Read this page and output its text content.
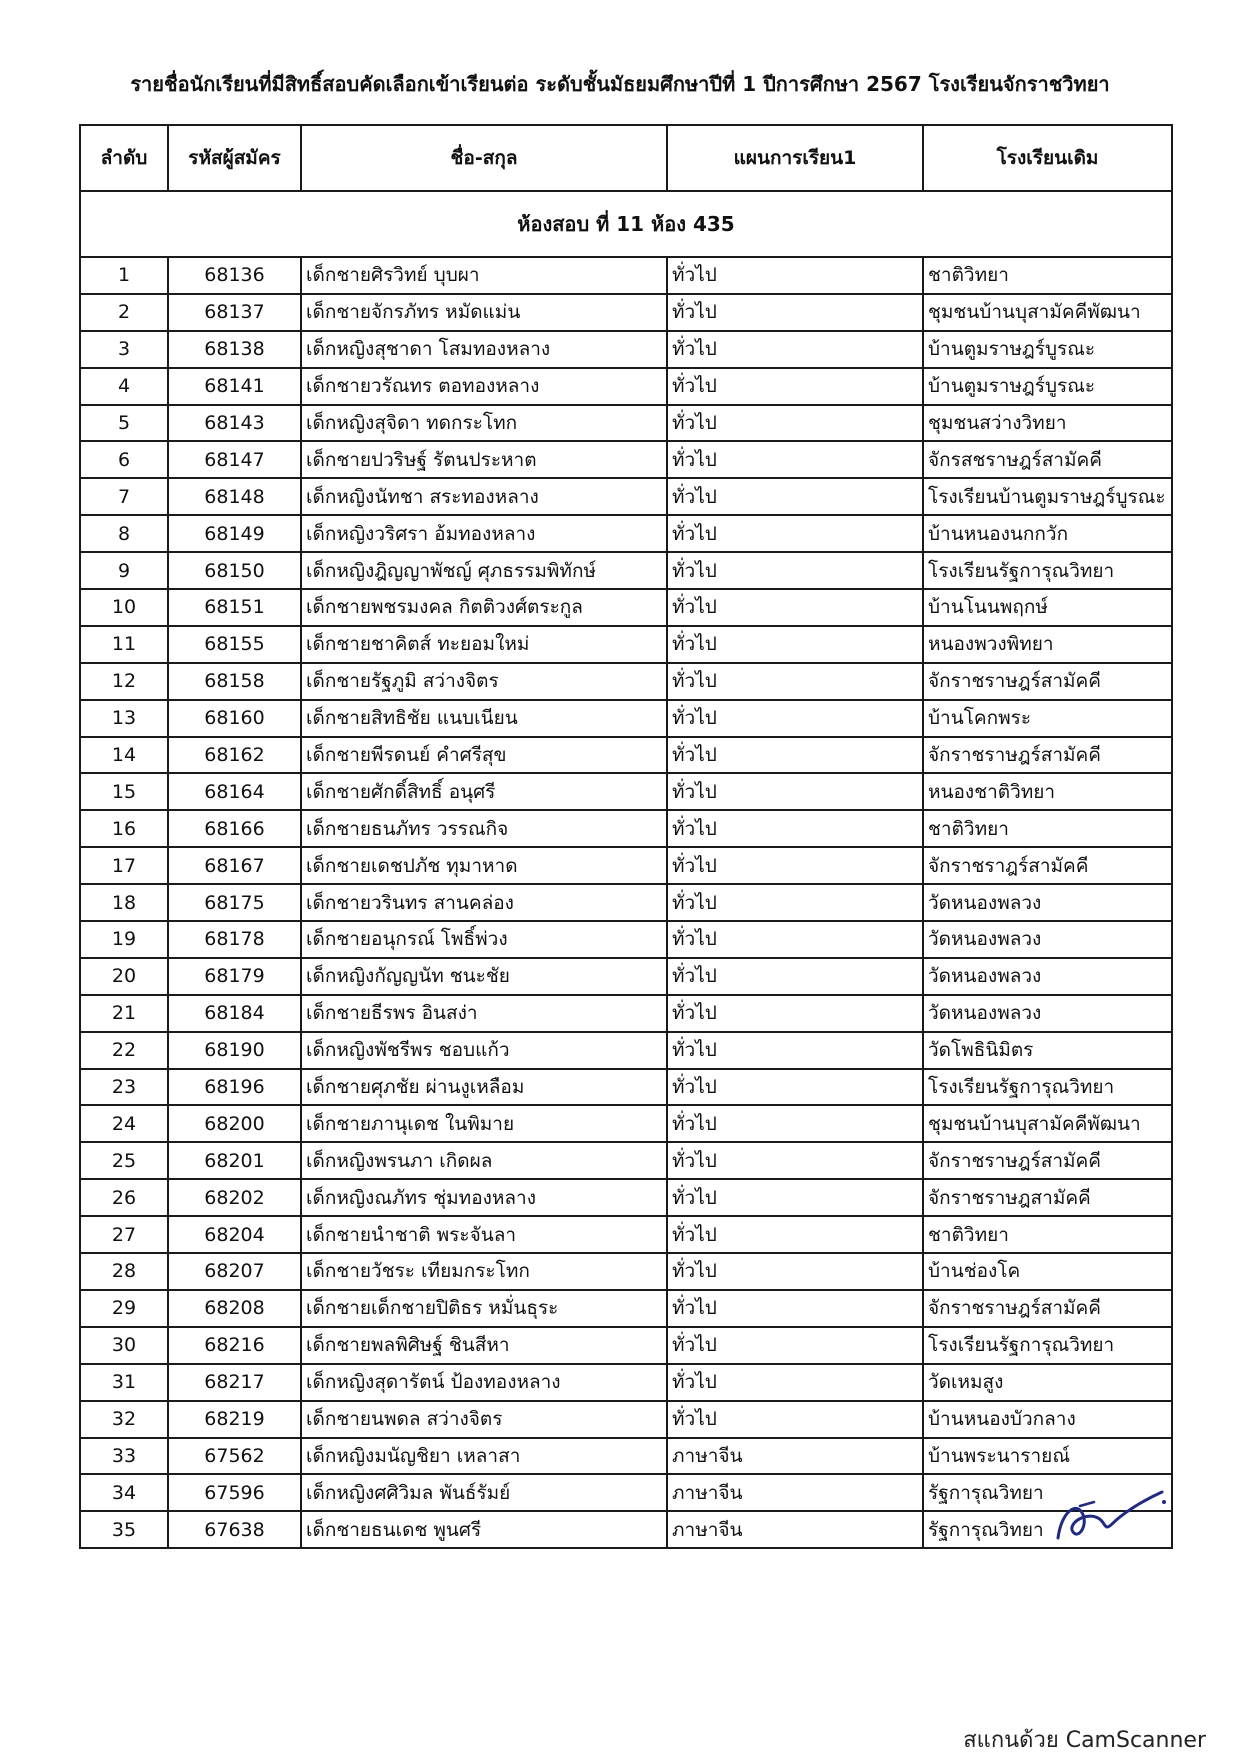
รายชื่อนักเรียนที่มีสิทธิ์สอบคัดเลือกเข้าเรียนต่อ ระดับชั้นมัธยมศึกษาปีที่ 1 ปีการศึกษา 2567 โรงเรียนจักราชวิทยา
ลำดับ	รหัสผู้สมัคร	ชื่อ-สกุล	แผนการเรียน1	โรงเรียนเดิม
ห้องสอบ ที่ 11 ห้อง 435				
1	68136	เด็กชายศิรวิทย์ บุบผา	ทั่วไป	ชาติวิทยา
2	68137	เด็กชายจักรภัทร หมัดแม่น	ทั่วไป	ชุมชนบ้านบุสามัคคีพัฒนา
3	68138	เด็กหญิงสุชาดา โสมทองหลาง	ทั่วไป	บ้านตูมราษฎร์บูรณะ
4	68141	เด็กชายวรัณทร ตอทองหลาง	ทั่วไป	บ้านตูมราษฎร์บูรณะ
5	68143	เด็กหญิงสุจิดา ทดกระโทก	ทั่วไป	ชุมชนสว่างวิทยา
6	68147	เด็กชายปวริษฐ์ รัตนประหาต	ทั่วไป	จักรสชราษฎร์สามัคคี
7	68148	เด็กหญิงนัทชา สระทองหลาง	ทั่วไป	โรงเรียนบ้านตูมราษฎร์บูรณะ
8	68149	เด็กหญิงวริศรา อ้มทองหลาง	ทั่วไป	บ้านหนองนกกวัก
9	68150	เด็กหญิงฎิญญาพัชญ์ ศุภธรรมพิทักษ์	ทั่วไป	โรงเรียนรัฐการุณวิทยา
10	68151	เด็กชายพชรมงคล กิตติวงศ์ตระกูล	ทั่วไป	บ้านโนนพฤกษ์
11	68155	เด็กชายชาคิตส์ ทะยอมใหม่	ทั่วไป	หนองพวงพิทยา
12	68158	เด็กชายรัฐภูมิ สว่างจิตร	ทั่วไป	จักราชราษฎร์สามัคคี
13	68160	เด็กชายสิทธิชัย แนบเนียน	ทั่วไป	บ้านโคกพระ
14	68162	เด็กชายพีรดนย์ คำศรีสุข	ทั่วไป	จักราชราษฎร์สามัคคี
15	68164	เด็กชายศักดิ์สิทธิ์ อนุศรี	ทั่วไป	หนองชาติวิทยา
16	68166	เด็กชายธนภัทร วรรณกิจ	ทั่วไป	ชาติวิทยา
17	68167	เด็กชายเดชปภัช ทุมาหาด	ทั่วไป	จักราชราฎร์สามัคคี
18	68175	เด็กชายวรินทร สานคล่อง	ทั่วไป	วัดหนองพลวง
19	68178	เด็กชายอนุกรณ์ โพธิ์พ่วง	ทั่วไป	วัดหนองพลวง
20	68179	เด็กหญิงกัญญนัท ชนะชัย	ทั่วไป	วัดหนองพลวง
21	68184	เด็กชายธีรพร อินสง่า	ทั่วไป	วัดหนองพลวง
22	68190	เด็กหญิงพัชรีพร ชอบแก้ว	ทั่วไป	วัดโพธินิมิตร
23	68196	เด็กชายศุภชัย ผ่านงูเหลือม	ทั่วไป	โรงเรียนรัฐการุณวิทยา
24	68200	เด็กชายภานุเดช ในพิมาย	ทั่วไป	ชุมชนบ้านบุสามัคคีพัฒนา
25	68201	เด็กหญิงพรนภา เกิดผล	ทั่วไป	จักราชราษฎร์สามัคคี
26	68202	เด็กหญิงณภัทร ชุ่มทองหลาง	ทั่วไป	จักราชราษฎสามัคคี
27	68204	เด็กชายนำชาติ พระจันลา	ทั่วไป	ชาติวิทยา
28	68207	เด็กชายวัชระ เทียมกระโทก	ทั่วไป	บ้านช่องโค
29	68208	เด็กชายเด็กชายปิติธร หมั่นธุระ	ทั่วไป	จักราชราษฎร์สามัคคี
30	68216	เด็กชายพลพิศิษฐ์ ชินสีหา	ทั่วไป	โรงเรียนรัฐการุณวิทยา
31	68217	เด็กหญิงสุดารัตน์ ป้องทองหลาง	ทั่วไป	วัดเหมสูง
32	68219	เด็กชายนพดล สว่างจิตร	ทั่วไป	บ้านหนองบัวกลาง
33	67562	เด็กหญิงมนัญชิยา เหลาสา	ภาษาจีน	บ้านพระนารายณ์
34	67596	เด็กหญิงศศิวิมล พันธ์รัมย์	ภาษาจีน	รัฐการุณวิทยา
35	67638	เด็กชายธนเดช พูนศรี	ภาษาจีน	รัฐการุณวิทยา
สแกนด้วย CamScanner
